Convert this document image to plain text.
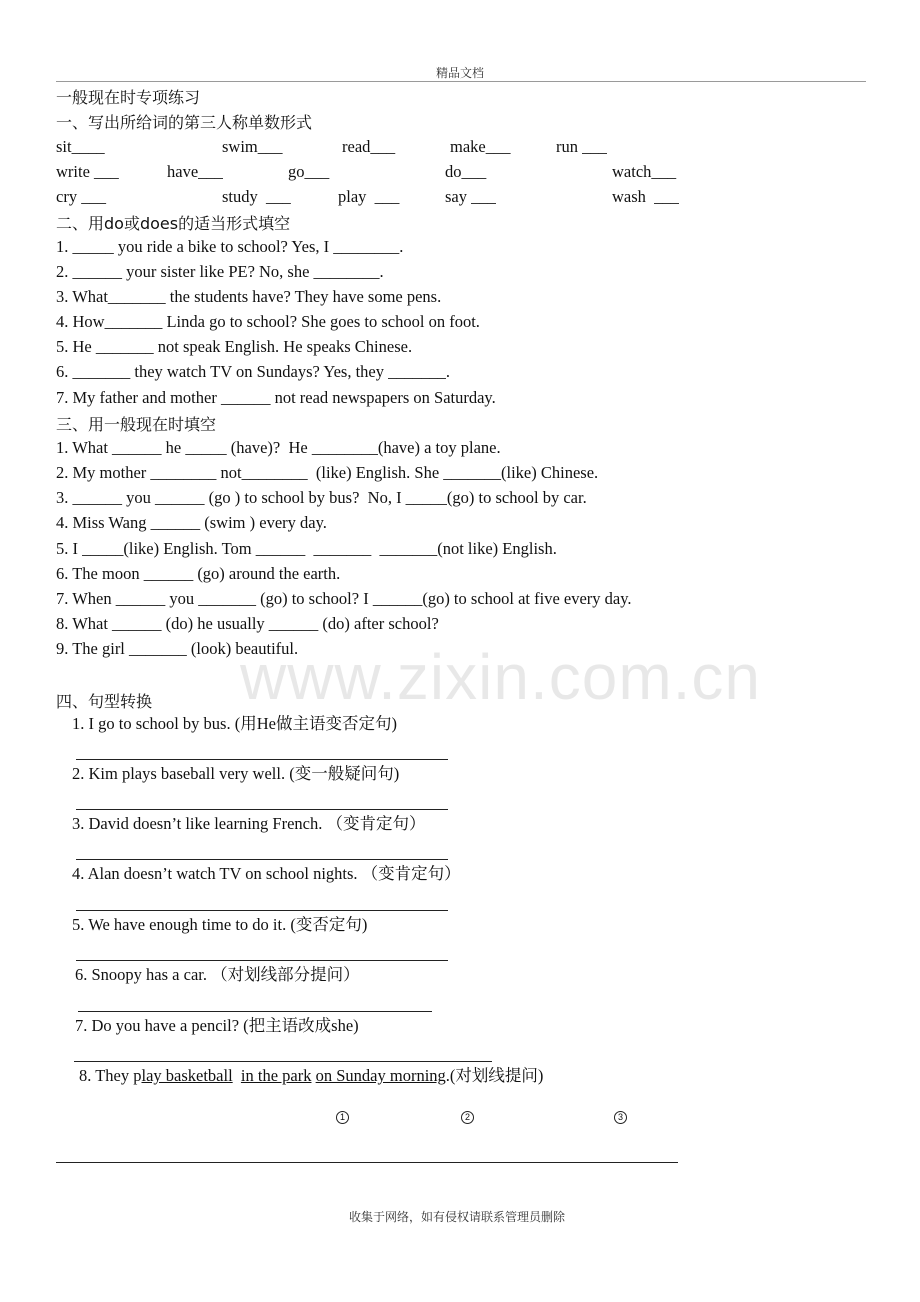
精品文档
www.zixin.com.cn
一般现在时专项练习
一、写出所给词的第三人称单数形式
sit____	swim___	read___	make___	run ___
write ___	have___	go___	do___	watch___
cry ___	study  ___	play  ___	say ___	wash  ___
二、用do或does的适当形式填空
1. _____ you ride a bike to school? Yes, I ________.
2. ______ your sister like PE? No, she ________.
3. What_______ the students have? They have some pens.
4. How_______ Linda go to school? She goes to school on foot.
5. He _______ not speak English. He speaks Chinese.
6. _______ they watch TV on Sundays? Yes, they _______.
7. My father and mother ______ not read newspapers on Saturday.
三、用一般现在时填空
1. What ______ he _____ (have)?  He ________(have) a toy plane.
2. My mother ________ not________  (like) English. She _______(like) Chinese.
3. ______ you ______ (go ) to school by bus?  No, I _____(go) to school by car.
4. Miss Wang ______ (swim ) every day.
5. I _____(like) English. Tom ______  _______  _______(not like) English.
6. The moon ______ (go) around the earth.
7. When ______ you _______ (go) to school? I ______(go) to school at five every day.
8. What ______ (do) he usually ______ (do) after school?
9. The girl _______ (look) beautiful.
四、句型转换
1. I go to school by bus. (用He做主语变否定句)
2. Kim plays baseball very well. (变一般疑问句)
3. David doesn’t like learning French. （变肯定句）
4. Alan doesn’t watch TV on school nights. （变肯定句）
5. We have enough time to do it. (变否定句)
6. Snoopy has a car. （对划线部分提问）
7. Do you have a pencil? (把主语改成she)
8. They play basketball in the park on Sunday morning.(对划线提问)
1	2	3
收集于网络，如有侵权请联系管理员删除
